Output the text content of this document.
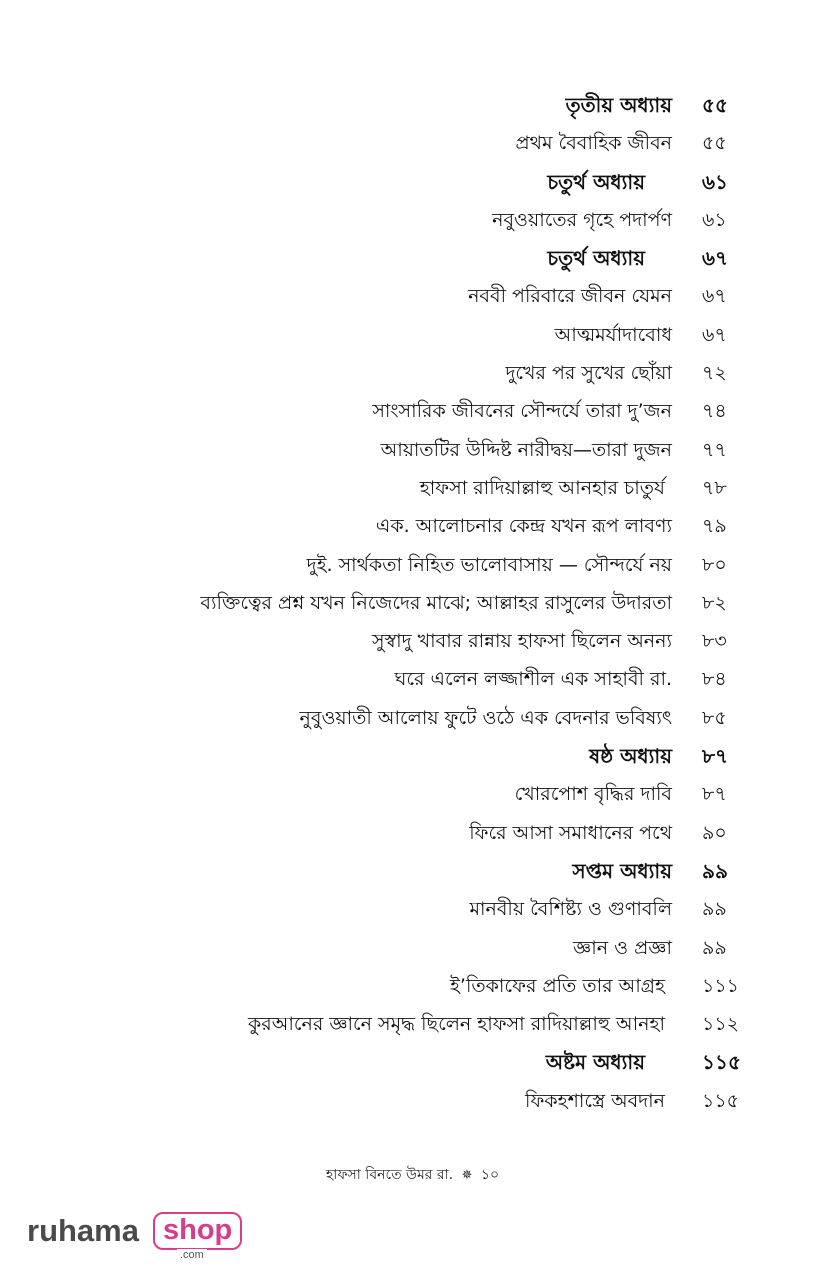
তৃতীয় অধ্যায় ৫৫
প্রথম বৈবাহিক জীবন ৫৫
চতুর্থ অধ্যায়	৬১
নবুওয়াতের গৃহে পদার্পণ ৬১
চতুর্থ অধ্যায়	৬৭
নববী পরিবারে জীবন যেমন ৬৭
আত্মমর্যাদাবোধ ৬৭
দুখের পর সুখের ছোঁয়া ৭২
সাংসারিক জীবনের সৌন্দর্যে তারা দু’জন ৭৪
আয়াতটির উদ্দিষ্ট নারীদ্বয়—তারা দুজন ৭৭
হাফসা রাদিয়াল্লাহু আনহার চাতুর্য ৭৮
এক. আলোচনার কেন্দ্র যখন রূপ লাবণ্য ৭৯
দুই. সার্থকতা নিহিত ভালোবাসায় — সৌন্দর্যে নয় ৮০
ব্যক্তিত্বের প্রশ্ন যখন নিজেদের মাঝে; আল্লাহর রাসুলের উদারতা ৮২
সুস্বাদু খাবার রান্নায় হাফসা ছিলেন অনন্য ৮৩
ঘরে এলেন লজ্জাশীল এক সাহাবী রা. ৮৪
নুবুওয়াতী আলোয় ফুটে ওঠে এক বেদনার ভবিষ্যৎ ৮৫
ষষ্ঠ অধ্যায় ৮৭
খোরপোশ বৃদ্ধির দাবি ৮৭
ফিরে আসা সমাধানের পথে ৯০
সপ্তম অধ্যায় ৯৯
মানবীয় বৈশিষ্ট্য ও গুণাবলি ৯৯
জ্ঞান ও প্রজ্ঞা ৯৯
ই’তিকাফের প্রতি তার আগ্রহ ১১১
কুরআনের জ্ঞানে সমৃদ্ধ ছিলেন হাফসা রাদিয়াল্লাহু আনহা ১১২
অষ্টম অধ্যায়	১১৫
ফিকহশাস্ত্রে অবদান ১১৫
হাফসা বিনতে উমর রা. ✵ ১০
ruhama shop
.com
